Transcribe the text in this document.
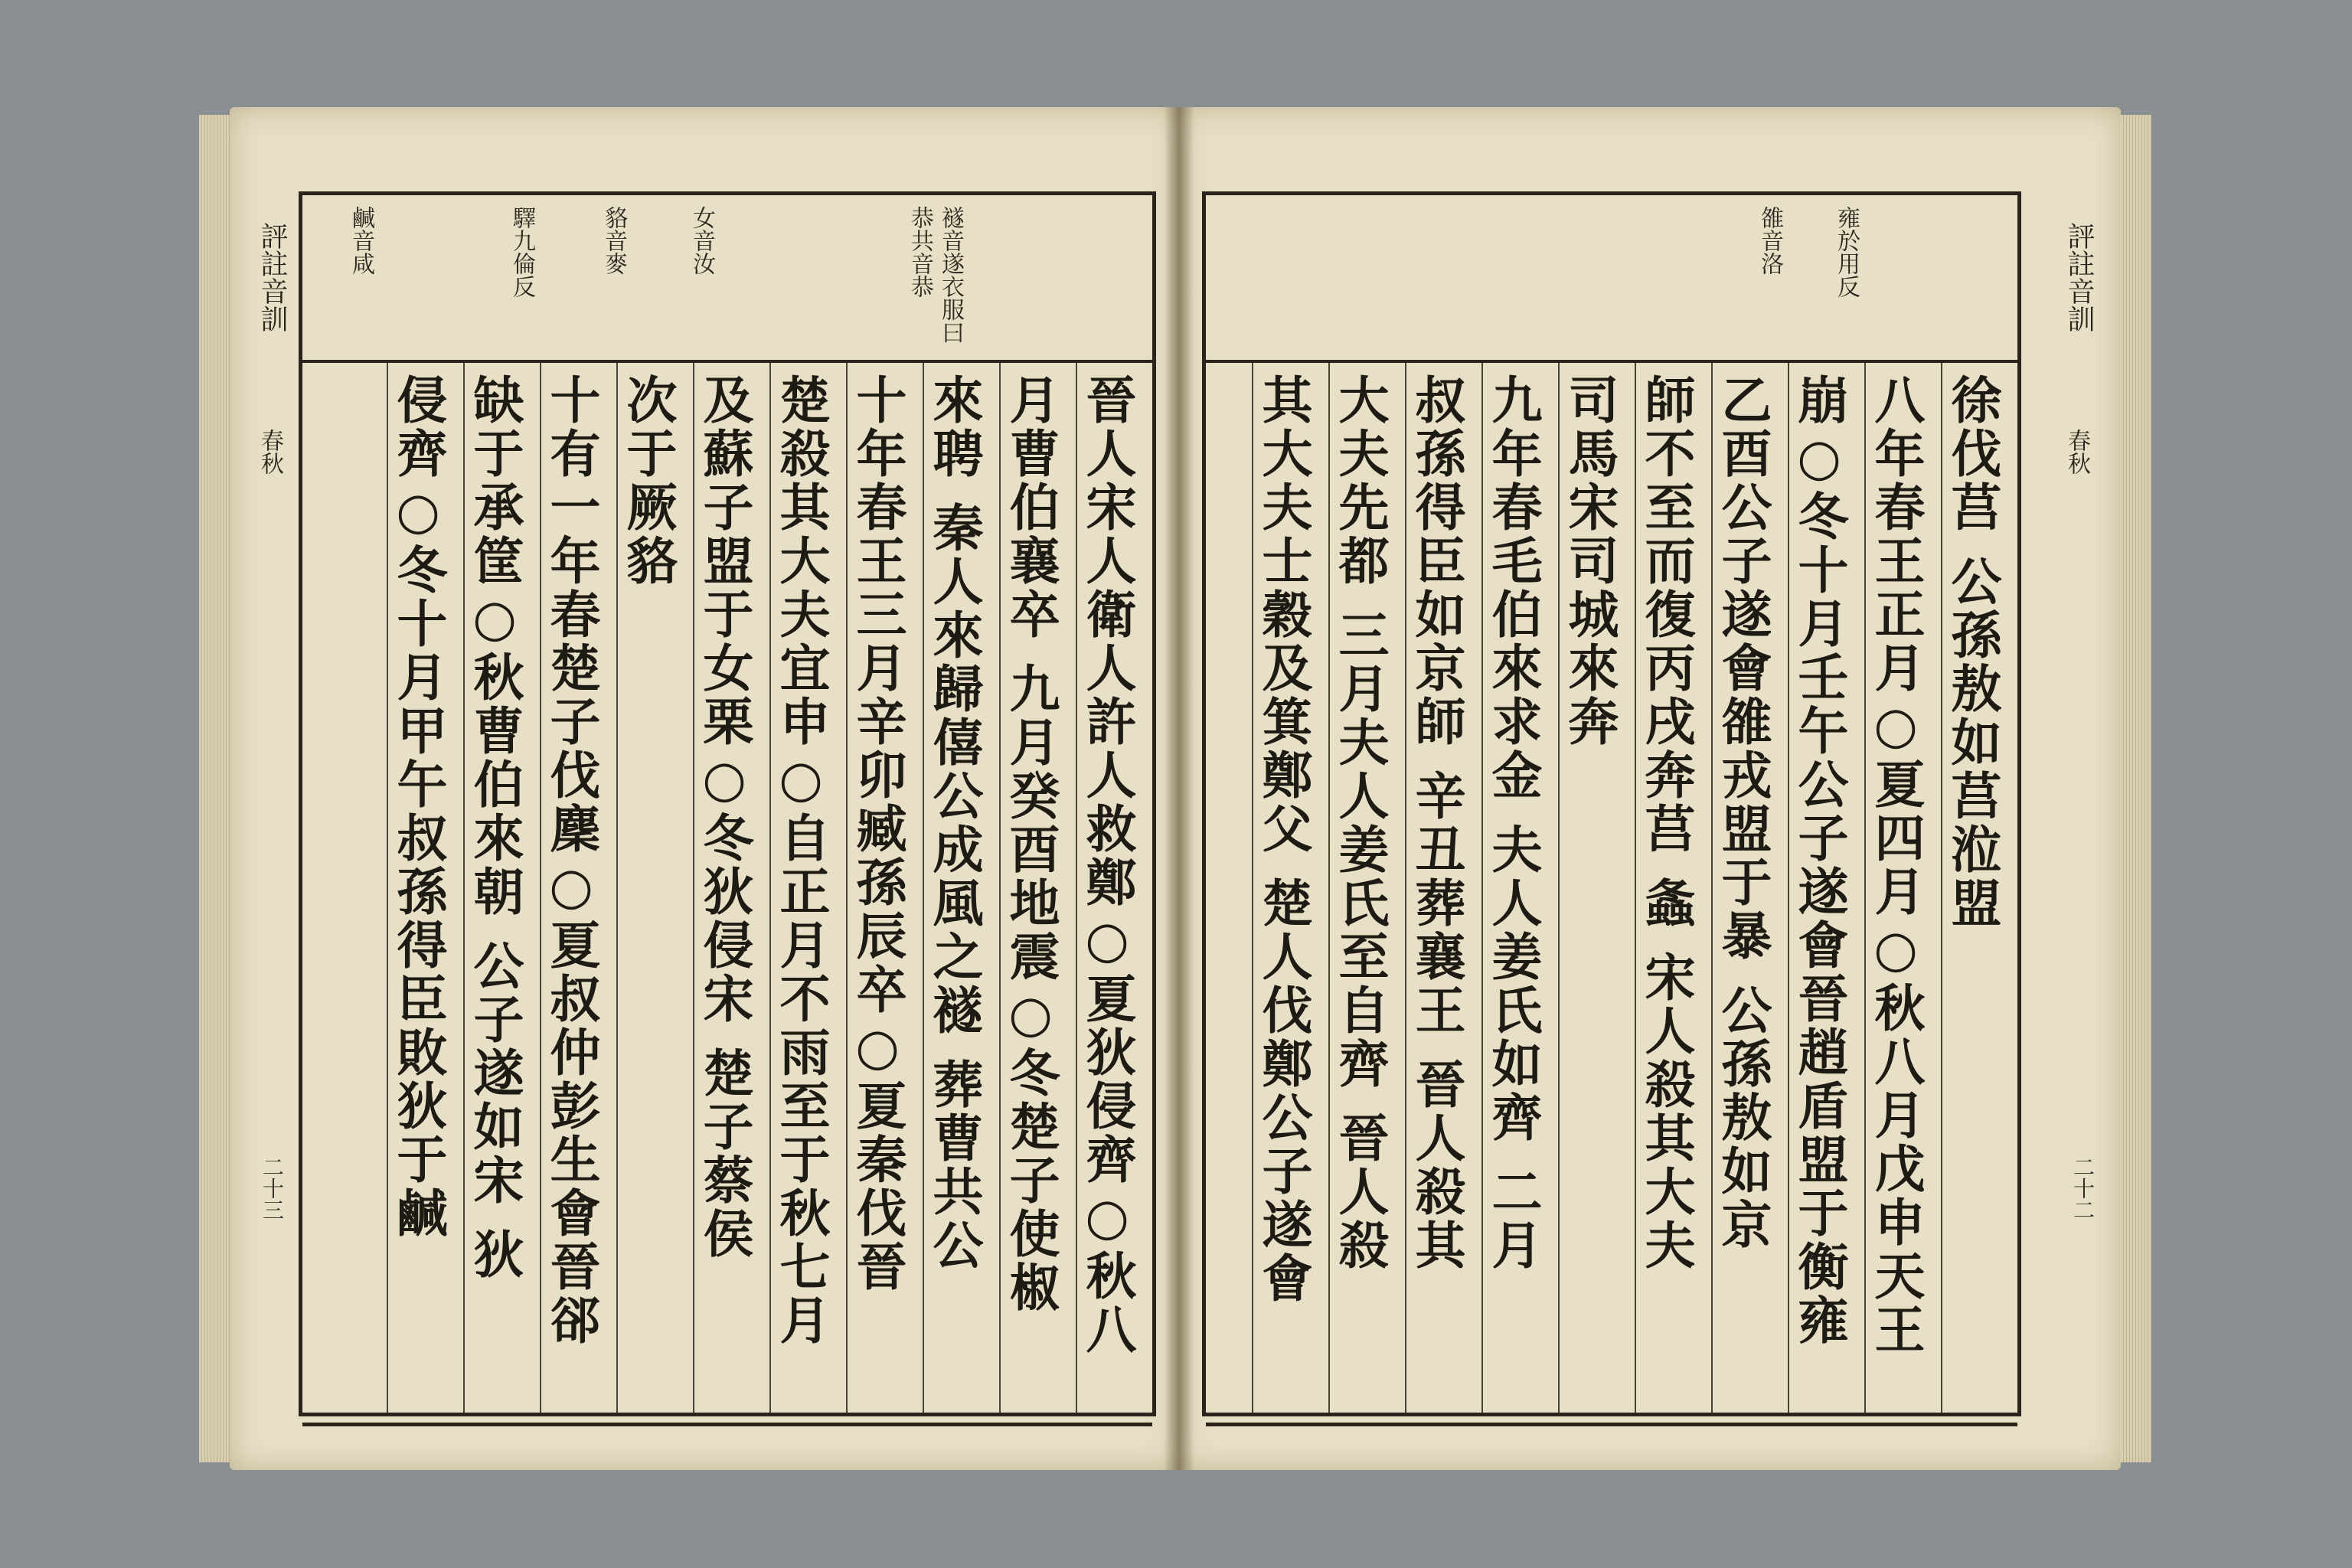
評註音訓
春秋
二十三
鹹音咸	驛九倫反	貉音麥	女音汝	襚音遂衣服曰
恭共音恭
晉人宋人衛人許人救鄭○夏狄侵齊○秋八
月曹伯襄卒 九月癸酉地震○冬楚子使椒
來聘 秦人來歸僖公成風之襚 葬曹共公
十年春王三月辛卯臧孫辰卒○夏秦伐晉
楚殺其大夫宜申○自正月不雨至于秋七月
及蘇子盟于女栗○冬狄侵宋 楚子蔡侯
次于厥貉
十有一年春楚子伐麇○夏叔仲彭生會晉郤
缺于承筐○秋曹伯來朝 公子遂如宋 狄
侵齊○冬十月甲午叔孫得臣敗狄于鹹
評註音訓
春秋
二十二
雍於用反
雒音洛
徐伐莒 公孫敖如莒涖盟
八年春王正月○夏四月○秋八月戊申天王
崩○冬十月壬午公子遂會晉趙盾盟于衡雍
乙酉公子遂會雒戎盟于暴 公孫敖如京
師不至而復丙戌奔莒 螽 宋人殺其大夫
司馬宋司城來奔
九年春毛伯來求金 夫人姜氏如齊 二月
叔孫得臣如京師 辛丑葬襄王 晉人殺其
大夫先都 三月夫人姜氏至自齊 晉人殺
其大夫士穀及箕鄭父 楚人伐鄭公子遂會
